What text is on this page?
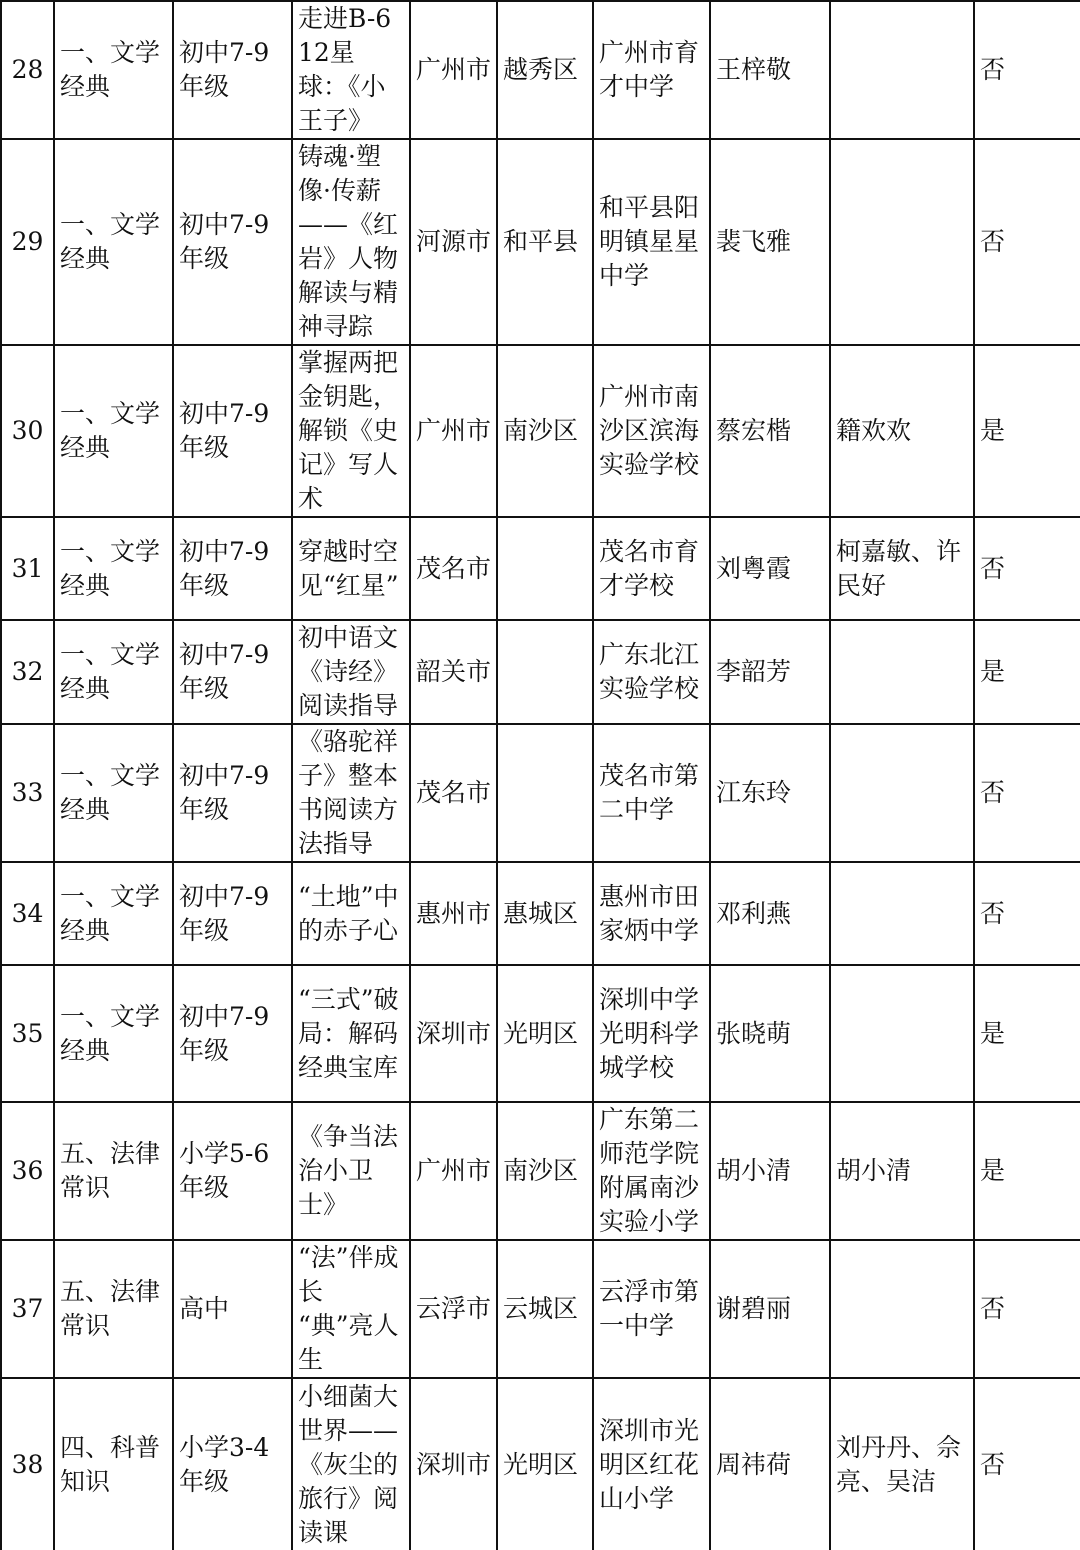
28	一、文学经典	初中7-9年级	走进B-612星球：《小王子》	广州市	越秀区	广州市育才中学	王梓敬		否
29	一、文学经典	初中7-9年级	铸魂·塑像·传薪——《红岩》人物解读与精神寻踪	河源市	和平县	和平县阳明镇星星中学	裴飞雅		否
30	一、文学经典	初中7-9年级	掌握两把金钥匙，解锁《史记》写人术	广州市	南沙区	广州市南沙区滨海实验学校	蔡宏楷	籍欢欢	是
31	一、文学经典	初中7-9年级	穿越时空见“红星”	茂名市		茂名市育才学校	刘粤霞	柯嘉敏、许民好	否
32	一、文学经典	初中7-9年级	初中语文《诗经》阅读指导	韶关市		广东北江实验学校	李韶芳		是
33	一、文学经典	初中7-9年级	《骆驼祥子》整本书阅读方法指导	茂名市		茂名市第二中学	江东玲		否
34	一、文学经典	初中7-9年级	“土地”中的赤子心	惠州市	惠城区	惠州市田家炳中学	邓利燕		否
35	一、文学经典	初中7-9年级	“三式”破局：解码经典宝库	深圳市	光明区	深圳中学光明科学城学校	张晓萌		是
36	五、法律常识	小学5-6年级	《争当法治小卫士》	广州市	南沙区	广东第二师范学院附属南沙实验小学	胡小清	胡小清	是
37	五、法律常识	高中	“法”伴成长 “典”亮人生	云浮市	云城区	云浮市第一中学	谢碧丽		否
38	四、科普知识	小学3-4年级	小细菌大世界——《灰尘的旅行》阅读课	深圳市	光明区	深圳市光明区红花山小学	周祎荷	刘丹丹、佘亮、吴洁	否
